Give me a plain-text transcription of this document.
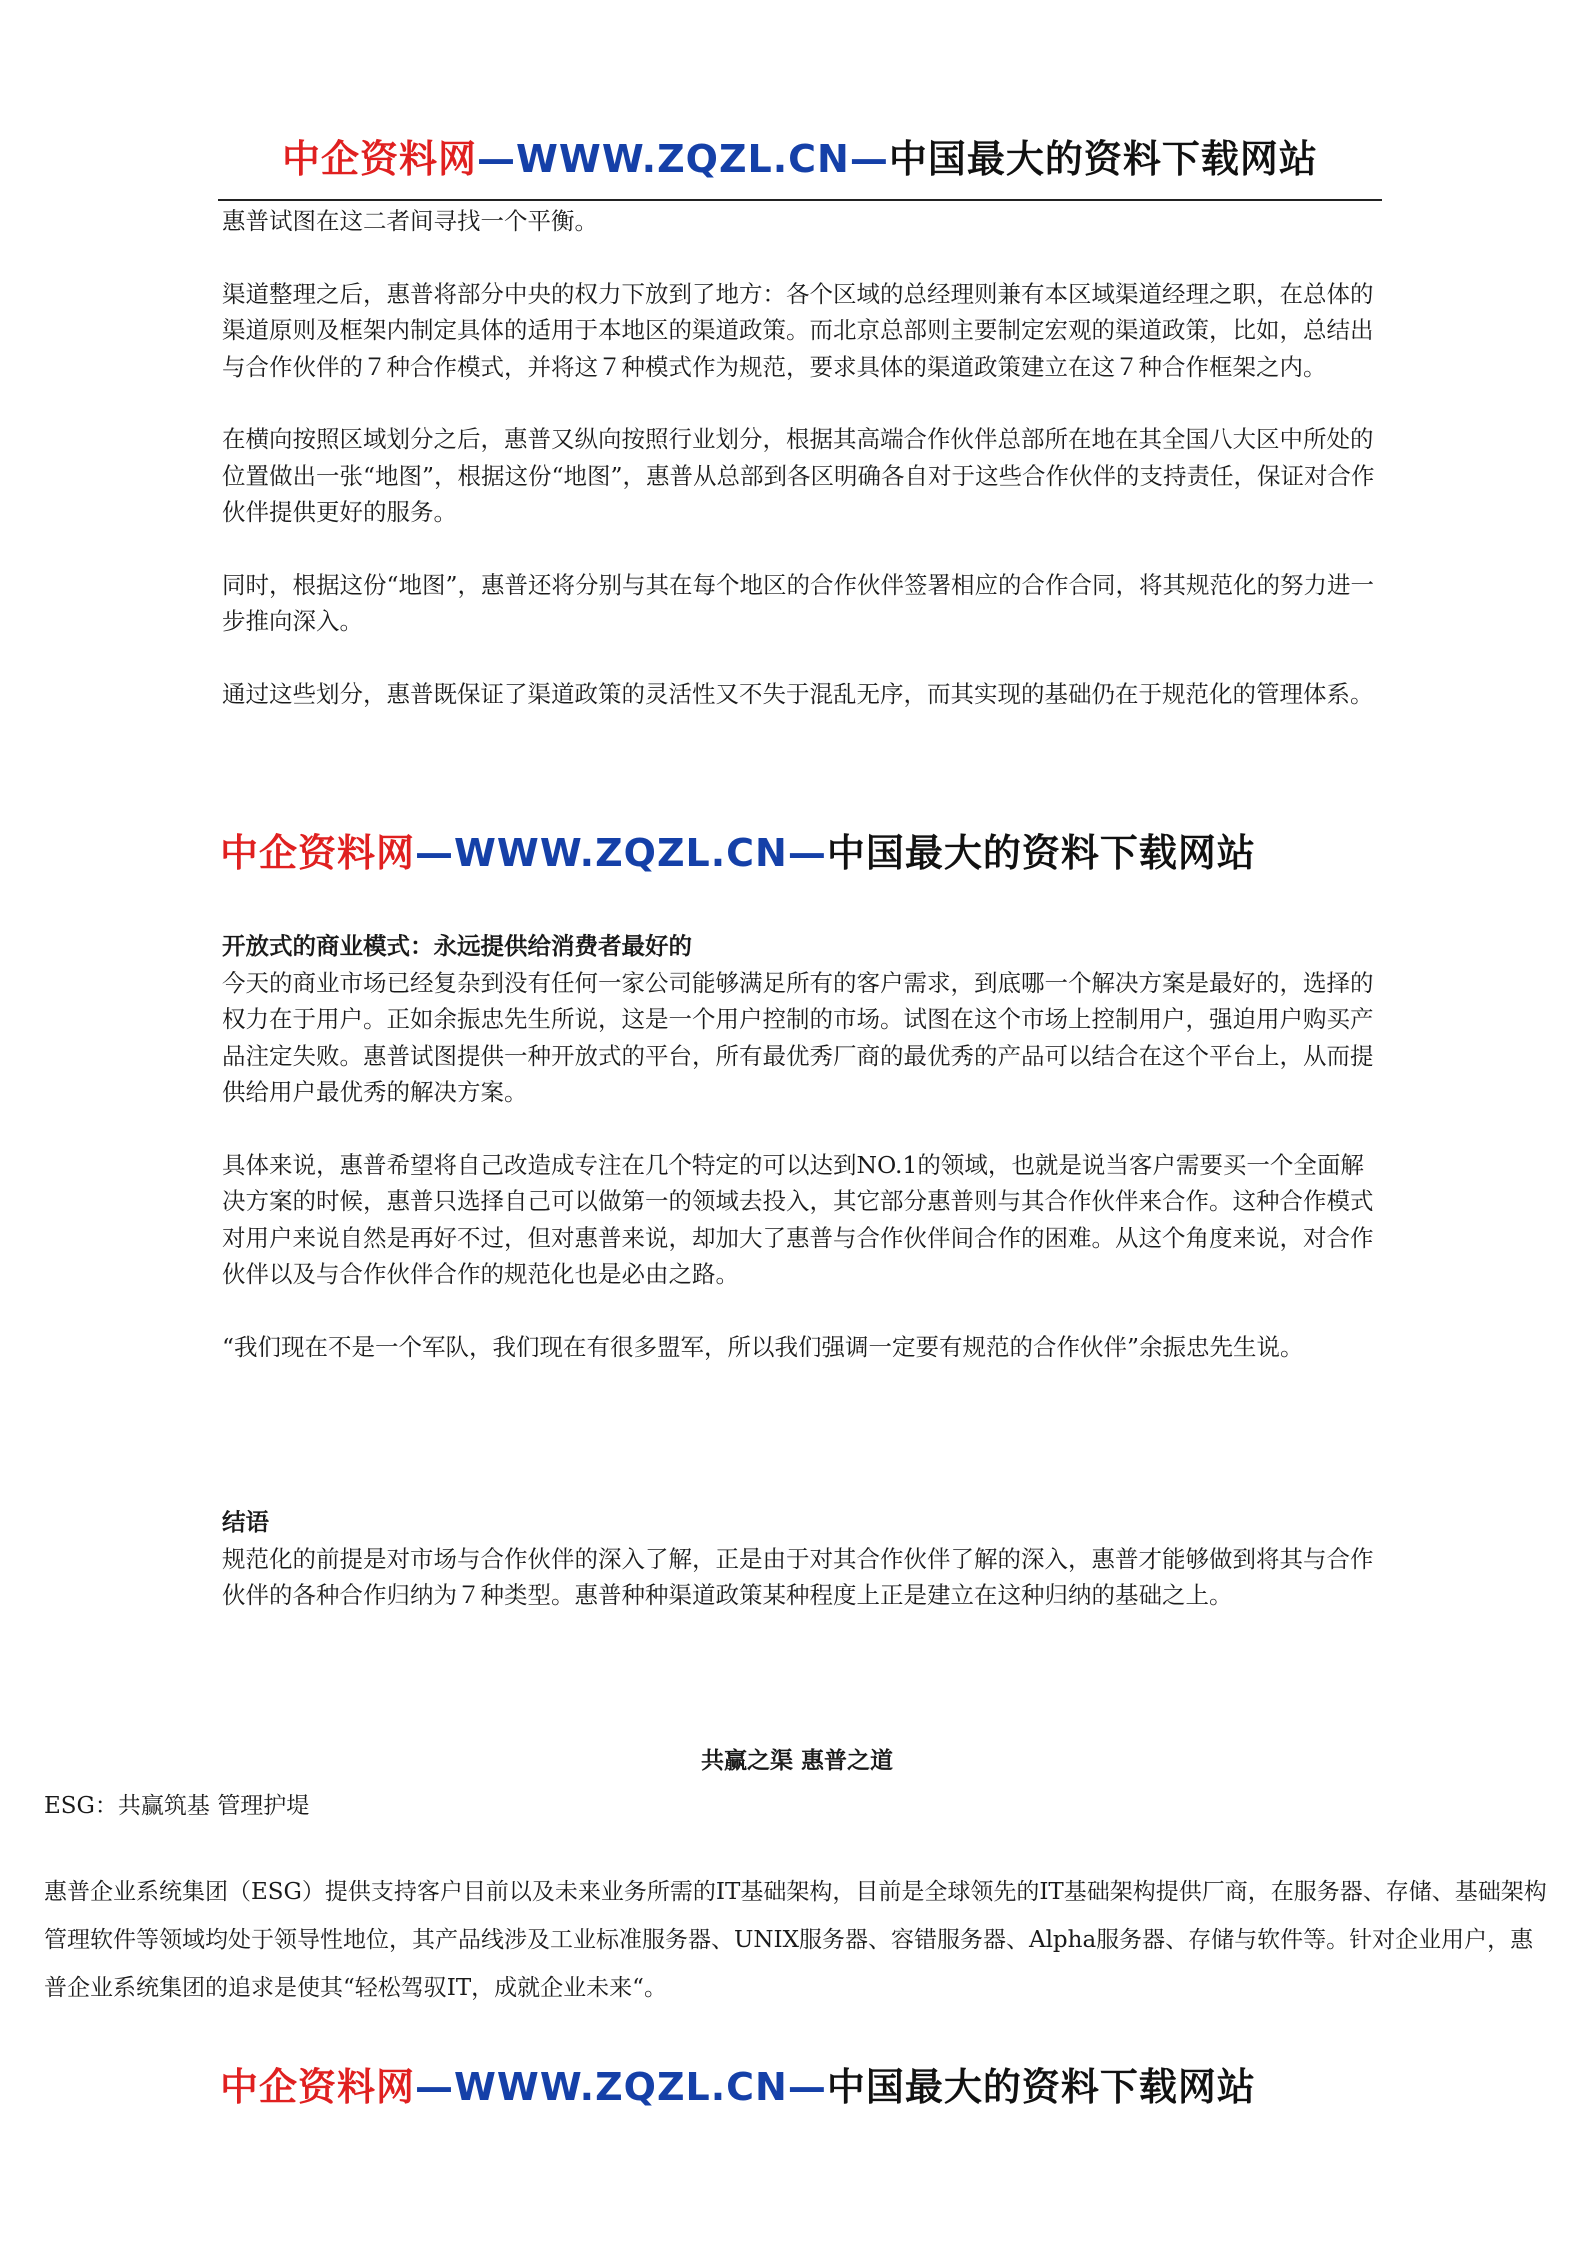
中企资料网—WWW.ZQZL.CN—中国最大的资料下载网站

惠普试图在这二者间寻找一个平衡。

渠道整理之后，惠普将部分中央的权力下放到了地方：各个区域的总经理则兼有本区域渠道经理之职，在总体的渠道原则及框架内制定具体的适用于本地区的渠道政策。而北京总部则主要制定宏观的渠道政策，比如，总结出与合作伙伴的７种合作模式，并将这７种模式作为规范，要求具体的渠道政策建立在这７种合作框架之内。

在横向按照区域划分之后，惠普又纵向按照行业划分，根据其高端合作伙伴总部所在地在其全国八大区中所处的位置做出一张“地图”，根据这份“地图”，惠普从总部到各区明确各自对于这些合作伙伴的支持责任，保证对合作伙伴提供更好的服务。

同时，根据这份“地图”，惠普还将分别与其在每个地区的合作伙伴签署相应的合作合同，将其规范化的努力进一步推向深入。

通过这些划分，惠普既保证了渠道政策的灵活性又不失于混乱无序，而其实现的基础仍在于规范化的管理体系。

中企资料网—WWW.ZQZL.CN—中国最大的资料下载网站

开放式的商业模式：永远提供给消费者最好的

今天的商业市场已经复杂到没有任何一家公司能够满足所有的客户需求，到底哪一个解决方案是最好的，选择的权力在于用户。正如余振忠先生所说，这是一个用户控制的市场。试图在这个市场上控制用户，强迫用户购买产品注定失败。惠普试图提供一种开放式的平台，所有最优秀厂商的最优秀的产品可以结合在这个平台上，从而提供给用户最优秀的解决方案。

具体来说，惠普希望将自己改造成专注在几个特定的可以达到NO.1的领域，也就是说当客户需要买一个全面解决方案的时候，惠普只选择自己可以做第一的领域去投入，其它部分惠普则与其合作伙伴来合作。这种合作模式对用户来说自然是再好不过，但对惠普来说，却加大了惠普与合作伙伴间合作的困难。从这个角度来说，对合作伙伴以及与合作伙伴合作的规范化也是必由之路。

“我们现在不是一个军队，我们现在有很多盟军，所以我们强调一定要有规范的合作伙伴”余振忠先生说。

结语

规范化的前提是对市场与合作伙伴的深入了解，正是由于对其合作伙伴了解的深入，惠普才能够做到将其与合作伙伴的各种合作归纳为７种类型。惠普种种渠道政策某种程度上正是建立在这种归纳的基础之上。

共赢之渠 惠普之道
ESG：共赢筑基 管理护堤
惠普企业系统集团（ESG）提供支持客户目前以及未来业务所需的IT基础架构，目前是全球领先的IT基础架构提供厂商，在服务器、存储、基础架构管理软件等领域均处于领导性地位，其产品线涉及工业标准服务器、UNIX服务器、容错服务器、Alpha服务器、存储与软件等。针对企业用户，惠普企业系统集团的追求是使其“轻松驾驭IT，成就企业未来“。
中企资料网—WWW.ZQZL.CN—中国最大的资料下载网站
